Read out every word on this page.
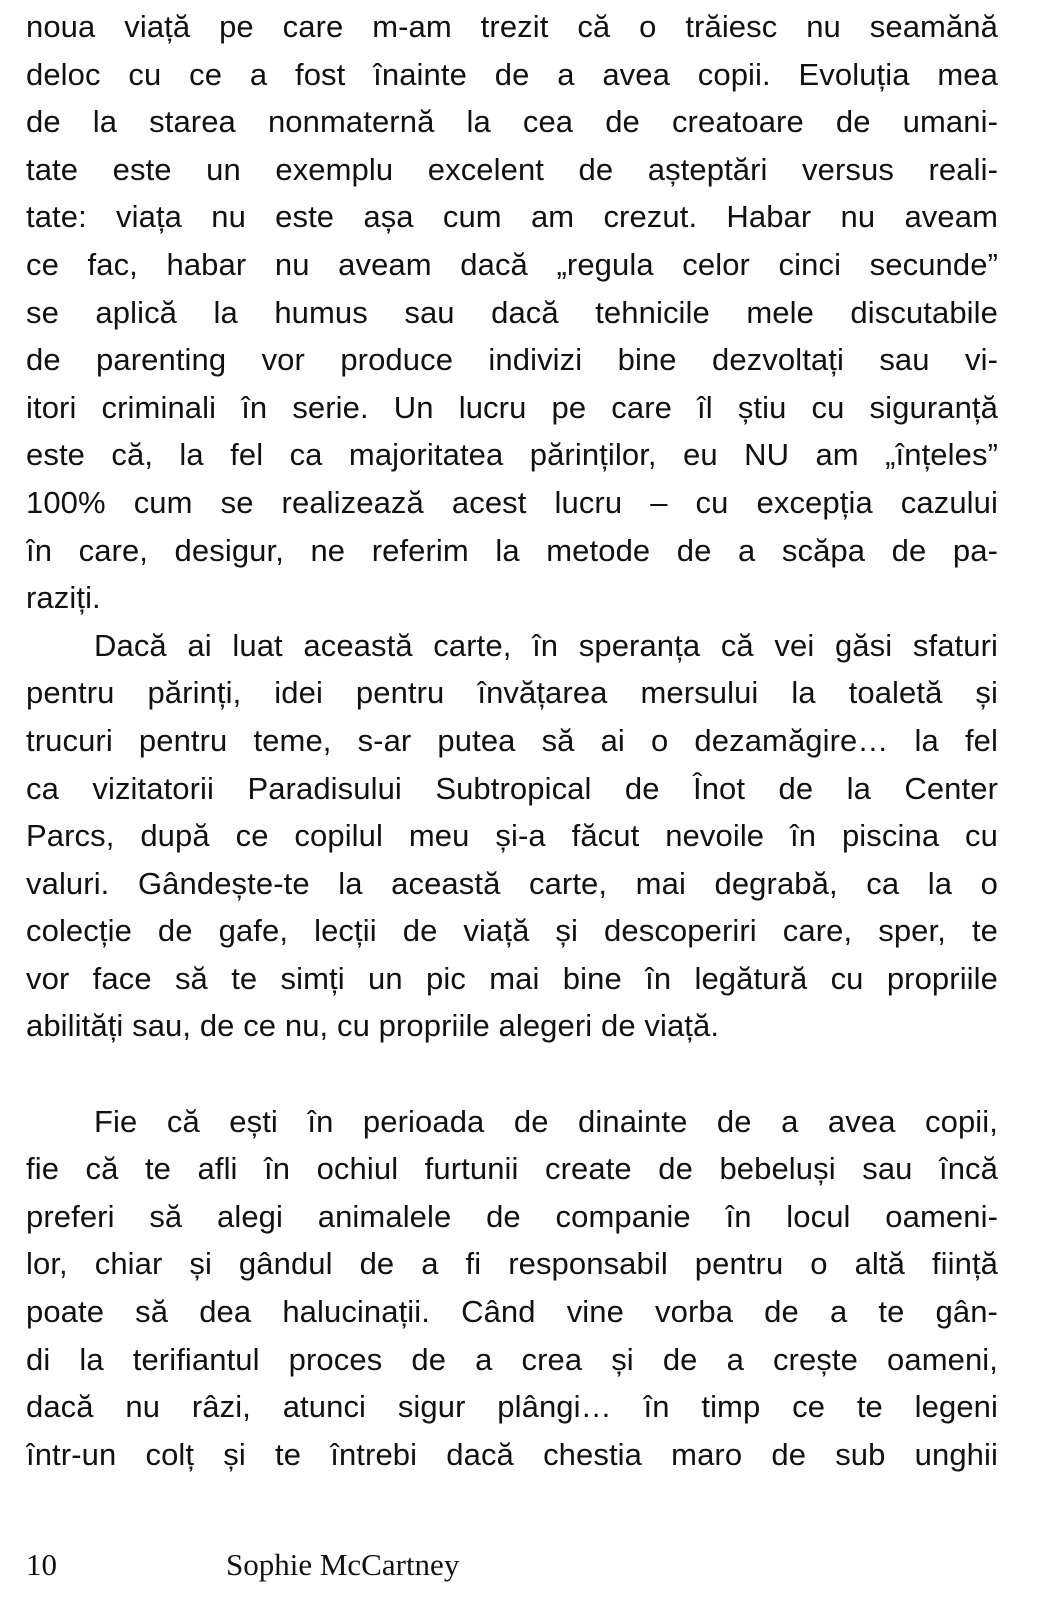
noua viață pe care m-am trezit că o trăiesc nu seamănă
deloc cu ce a fost înainte de a avea copii. Evoluția mea
de la starea nonmaternă la cea de creatoare de umani-
tate este un exemplu excelent de așteptări versus reali-
tate: viața nu este așa cum am crezut. Habar nu aveam
ce fac, habar nu aveam dacă „regula celor cinci secunde”
se aplică la humus sau dacă tehnicile mele discutabile
de parenting vor produce indivizi bine dezvoltați sau vi-
itori criminali în serie. Un lucru pe care îl știu cu siguranță
este că, la fel ca majoritatea părinților, eu NU am „înțeles”
100% cum se realizează acest lucru – cu excepția cazului
în care, desigur, ne referim la metode de a scăpa de pa-
raziți.
Dacă ai luat această carte, în speranța că vei găsi sfaturi
pentru părinți, idei pentru învățarea mersului la toaletă și
trucuri pentru teme, s-ar putea să ai o dezamăgire… la fel
ca vizitatorii Paradisului Subtropical de Înot de la Center
Parcs, după ce copilul meu și-a făcut nevoile în piscina cu
valuri. Gândește-te la această carte, mai degrabă, ca la o
colecție de gafe, lecții de viață și descoperiri care, sper, te
vor face să te simți un pic mai bine în legătură cu propriile
abilități sau, de ce nu, cu propriile alegeri de viață.
Fie că ești în perioada de dinainte de a avea copii,
fie că te afli în ochiul furtunii create de bebeluși sau încă
preferi să alegi animalele de companie în locul oameni-
lor, chiar și gândul de a fi responsabil pentru o altă ființă
poate să dea halucinații. Când vine vorba de a te gân-
di la terifiantul proces de a crea și de a crește oameni,
dacă nu râzi, atunci sigur plângi… în timp ce te legeni
într-un colț și te întrebi dacă chestia maro de sub unghii
10	Sophie McCartney
